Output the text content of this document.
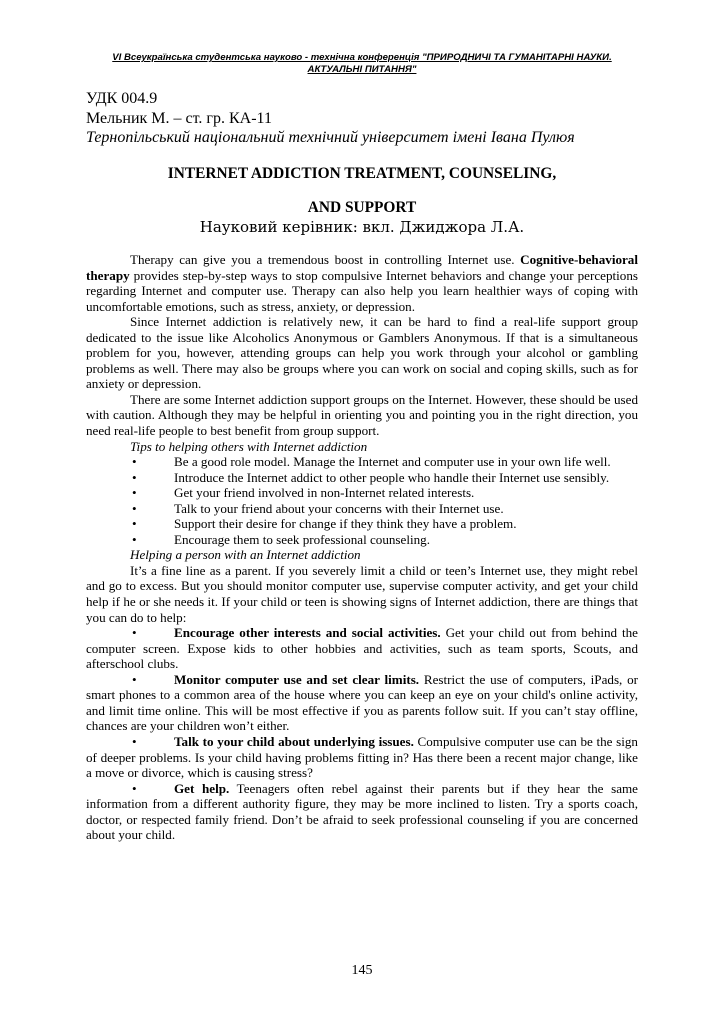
VI Всеукраїнська студентська науково - технічна конференція "ПРИРОДНИЧІ ТА ГУМАНІТАРНІ НАУКИ.
АКТУАЛЬНІ ПИТАННЯ"
УДК 004.9
Мельник М. – ст. гр. КА-11
Тернопільський національний технічний університет імені Івана Пулюя
INTERNET ADDICTION TREATMENT, COUNSELING,
AND SUPPORT
Науковий керівник: вкл. Джиджора Л.А.

Therapy can give you a tremendous boost in controlling Internet use. Cognitive-behavioral therapy provides step-by-step ways to stop compulsive Internet behaviors and change your perceptions regarding Internet and computer use. Therapy can also help you learn healthier ways of coping with uncomfortable emotions, such as stress, anxiety, or depression.

Since Internet addiction is relatively new, it can be hard to find a real-life support group dedicated to the issue like Alcoholics Anonymous or Gamblers Anonymous. If that is a simultaneous problem for you, however, attending groups can help you work through your alcohol or gambling problems as well. There may also be groups where you can work on social and coping skills, such as for anxiety or depression.

There are some Internet addiction support groups on the Internet. However, these should be used with caution. Although they may be helpful in orienting you and pointing you in the right direction, you need real-life people to best benefit from group support.

Tips to helping others with Internet addiction

•	Be a good role model. Manage the Internet and computer use in your own life well.

•	Introduce the Internet addict to other people who handle their Internet use sensibly.

•	Get your friend involved in non-Internet related interests.

•	Talk to your friend about your concerns with their Internet use.

•	Support their desire for change if they think they have a problem.

•	Encourage them to seek professional counseling.

Helping a person with an Internet addiction

It’s a fine line as a parent. If you severely limit a child or teen’s Internet use, they might rebel and go to excess. But you should monitor computer use, supervise computer activity, and get your child help if he or she needs it. If your child or teen is showing signs of Internet addiction, there are things that you can do to help:

•	Encourage other interests and social activities. Get your child out from behind the computer screen. Expose kids to other hobbies and activities, such as team sports, Scouts, and afterschool clubs.

•	Monitor computer use and set clear limits. Restrict the use of computers, iPads, or smart phones to a common area of the house where you can keep an eye on your child's online activity, and limit time online. This will be most effective if you as parents follow suit. If you can’t stay offline, chances are your children won’t either.

•	Talk to your child about underlying issues. Compulsive computer use can be the sign of deeper problems. Is your child having problems fitting in? Has there been a recent major change, like a move or divorce, which is causing stress?

•	Get help. Teenagers often rebel against their parents but if they hear the same information from a different authority figure, they may be more inclined to listen. Try a sports coach, doctor, or respected family friend. Don’t be afraid to seek professional counseling if you are concerned about your child.

145
